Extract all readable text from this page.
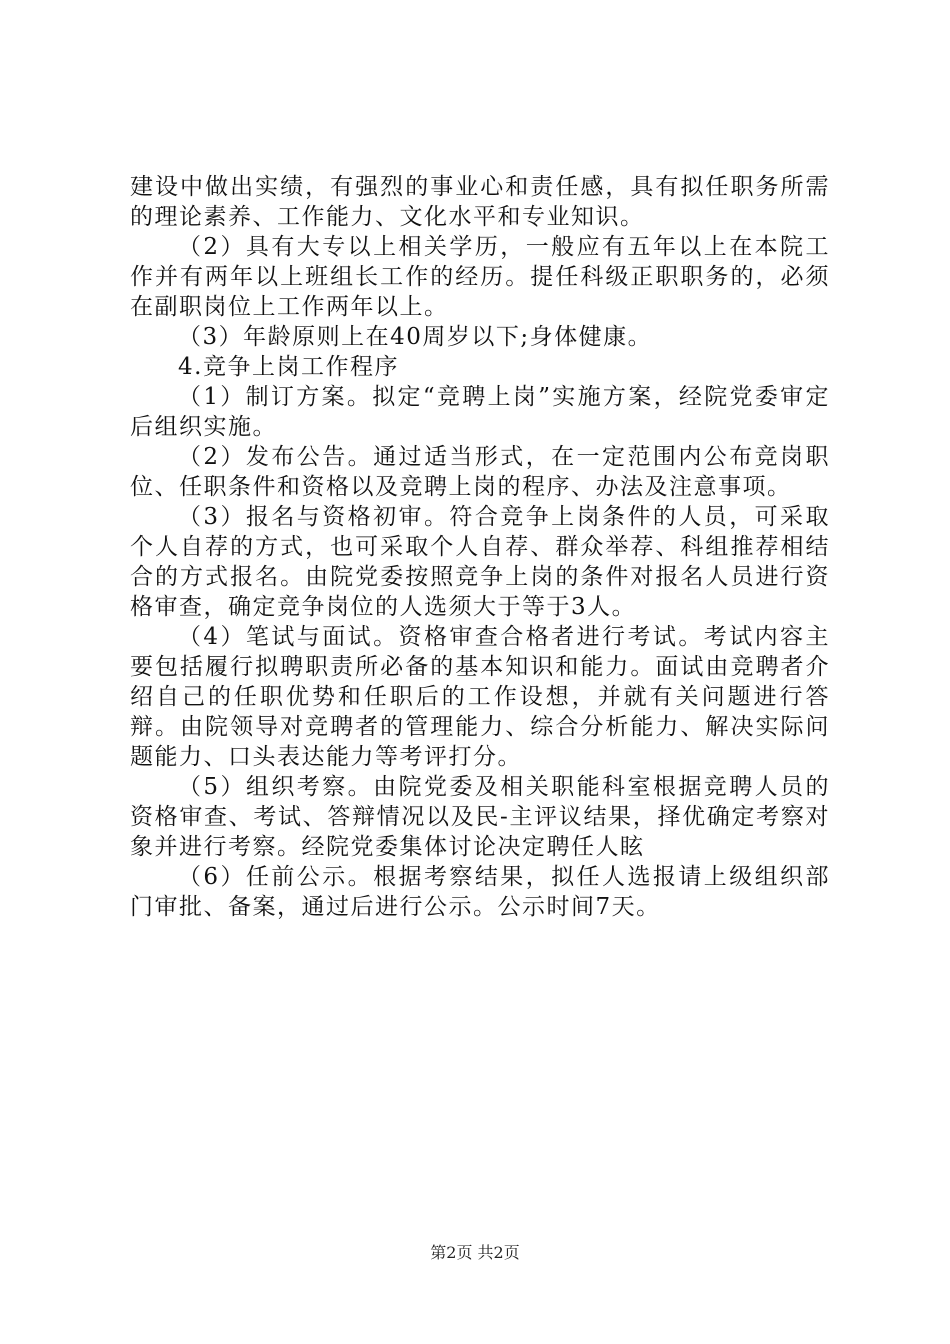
建设中做出实绩，有强烈的事业心和责任感，具有拟任职务所需的理论素养、工作能力、文化水平和专业知识。

（2）具有大专以上相关学历，一般应有五年以上在本院工作并有两年以上班组长工作的经历。提任科级正职职务的，必须在副职岗位上工作两年以上。

（3）年龄原则上在40周岁以下;身体健康。

4.竞争上岗工作程序

（1）制订方案。拟定“竞聘上岗”实施方案，经院党委审定后组织实施。

（2）发布公告。通过适当形式，在一定范围内公布竞岗职位、任职条件和资格以及竞聘上岗的程序、办法及注意事项。

（3）报名与资格初审。符合竞争上岗条件的人员，可采取个人自荐的方式，也可采取个人自荐、群众举荐、科组推荐相结合的方式报名。由院党委按照竞争上岗的条件对报名人员进行资格审查，确定竞争岗位的人选须大于等于3人。

（4）笔试与面试。资格审查合格者进行考试。考试内容主要包括履行拟聘职责所必备的基本知识和能力。面试由竞聘者介绍自己的任职优势和任职后的工作设想，并就有关问题进行答辩。由院领导对竞聘者的管理能力、综合分析能力、解决实际问题能力、口头表达能力等考评打分。

（5）组织考察。由院党委及相关职能科室根据竞聘人员的资格审查、考试、答辩情况以及民-主评议结果，择优确定考察对象并进行考察。经院党委集体讨论决定聘任人眩

（6）任前公示。根据考察结果，拟任人选报请上级组织部门审批、备案，通过后进行公示。公示时间7天。

第2页 共2页
